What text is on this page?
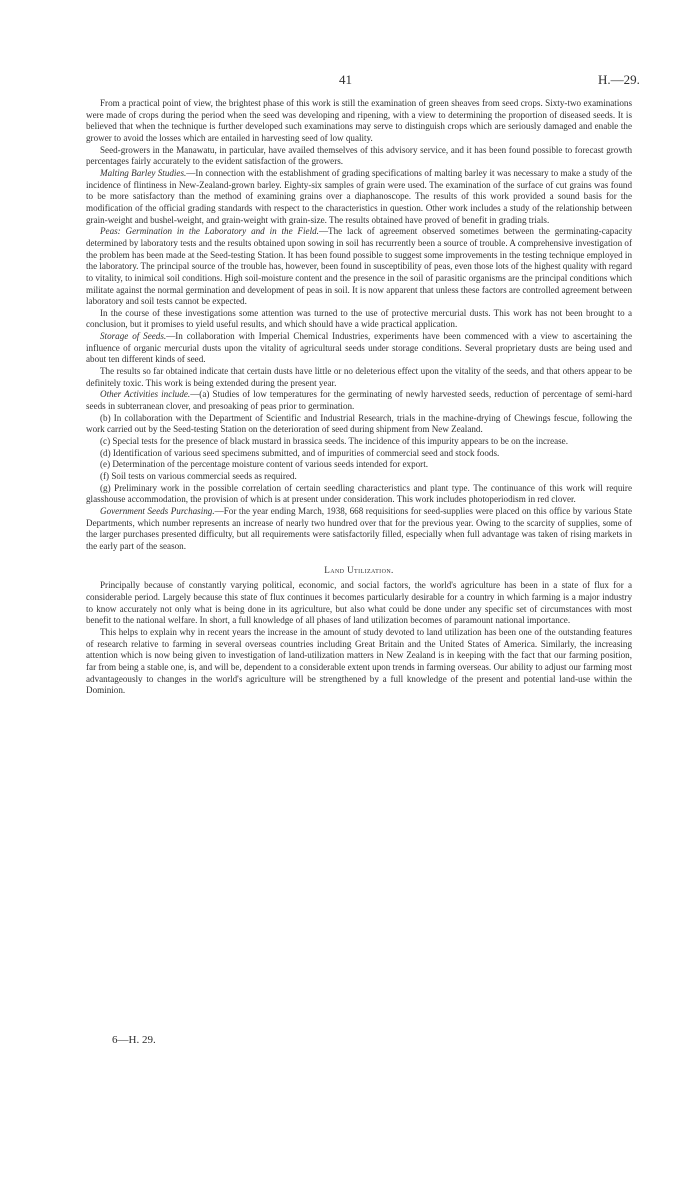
41	H.—29.

From a practical point of view, the brightest phase of this work is still the examination of green sheaves from seed crops. Sixty-two examinations were made of crops during the period when the seed was developing and ripening, with a view to determining the proportion of diseased seeds. It is believed that when the technique is further developed such examinations may serve to distinguish crops which are seriously damaged and enable the grower to avoid the losses which are entailed in harvesting seed of low quality.

Seed-growers in the Manawatu, in particular, have availed themselves of this advisory service, and it has been found possible to forecast growth percentages fairly accurately to the evident satisfaction of the growers.

Malting Barley Studies.—In connection with the establishment of grading specifications of malting barley it was necessary to make a study of the incidence of flintiness in New-Zealand-grown barley. Eighty-six samples of grain were used. The examination of the surface of cut grains was found to be more satisfactory than the method of examining grains over a diaphanoscope. The results of this work provided a sound basis for the modification of the official grading standards with respect to the characteristics in question. Other work includes a study of the relationship between grain-weight and bushel-weight, and grain-weight with grain-size. The results obtained have proved of benefit in grading trials.

Peas: Germination in the Laboratory and in the Field.—The lack of agreement observed sometimes between the germinating-capacity determined by laboratory tests and the results obtained upon sowing in soil has recurrently been a source of trouble. A comprehensive investigation of the problem has been made at the Seed-testing Station. It has been found possible to suggest some improvements in the testing technique employed in the laboratory. The principal source of the trouble has, however, been found in susceptibility of peas, even those lots of the highest quality with regard to vitality, to inimical soil conditions. High soil-moisture content and the presence in the soil of parasitic organisms are the principal conditions which militate against the normal germination and development of peas in soil. It is now apparent that unless these factors are controlled agreement between laboratory and soil tests cannot be expected.

In the course of these investigations some attention was turned to the use of protective mercurial dusts. This work has not been brought to a conclusion, but it promises to yield useful results, and which should have a wide practical application.

Storage of Seeds.—In collaboration with Imperial Chemical Industries, experiments have been commenced with a view to ascertaining the influence of organic mercurial dusts upon the vitality of agricultural seeds under storage conditions. Several proprietary dusts are being used and about ten different kinds of seed.

The results so far obtained indicate that certain dusts have little or no deleterious effect upon the vitality of the seeds, and that others appear to be definitely toxic. This work is being extended during the present year.

Other Activities include.—(a) Studies of low temperatures for the germinating of newly harvested seeds, reduction of percentage of semi-hard seeds in subterranean clover, and presoaking of peas prior to germination.

(b) In collaboration with the Department of Scientific and Industrial Research, trials in the machine-drying of Chewings fescue, following the work carried out by the Seed-testing Station on the deterioration of seed during shipment from New Zealand.

(c) Special tests for the presence of black mustard in brassica seeds. The incidence of this impurity appears to be on the increase.

(d) Identification of various seed specimens submitted, and of impurities of commercial seed and stock foods.

(e) Determination of the percentage moisture content of various seeds intended for export.

(f) Soil tests on various commercial seeds as required.

(g) Preliminary work in the possible correlation of certain seedling characteristics and plant type. The continuance of this work will require glasshouse accommodation, the provision of which is at present under consideration. This work includes photoperiodism in red clover.

Government Seeds Purchasing.—For the year ending March, 1938, 668 requisitions for seed-supplies were placed on this office by various State Departments, which number represents an increase of nearly two hundred over that for the previous year. Owing to the scarcity of supplies, some of the larger purchases presented difficulty, but all requirements were satisfactorily filled, especially when full advantage was taken of rising markets in the early part of the season.

Land Utilization.

Principally because of constantly varying political, economic, and social factors, the world's agriculture has been in a state of flux for a considerable period. Largely because this state of flux continues it becomes particularly desirable for a country in which farming is a major industry to know accurately not only what is being done in its agriculture, but also what could be done under any specific set of circumstances with most benefit to the national welfare. In short, a full knowledge of all phases of land utilization becomes of paramount national importance.

This helps to explain why in recent years the increase in the amount of study devoted to land utilization has been one of the outstanding features of research relative to farming in several overseas countries including Great Britain and the United States of America. Similarly, the increasing attention which is now being given to investigation of land-utilization matters in New Zealand is in keeping with the fact that our farming position, far from being a stable one, is, and will be, dependent to a considerable extent upon trends in farming overseas. Our ability to adjust our farming most advantageously to changes in the world's agriculture will be strengthened by a full knowledge of the present and potential land-use within the Dominion.

6—H. 29.
